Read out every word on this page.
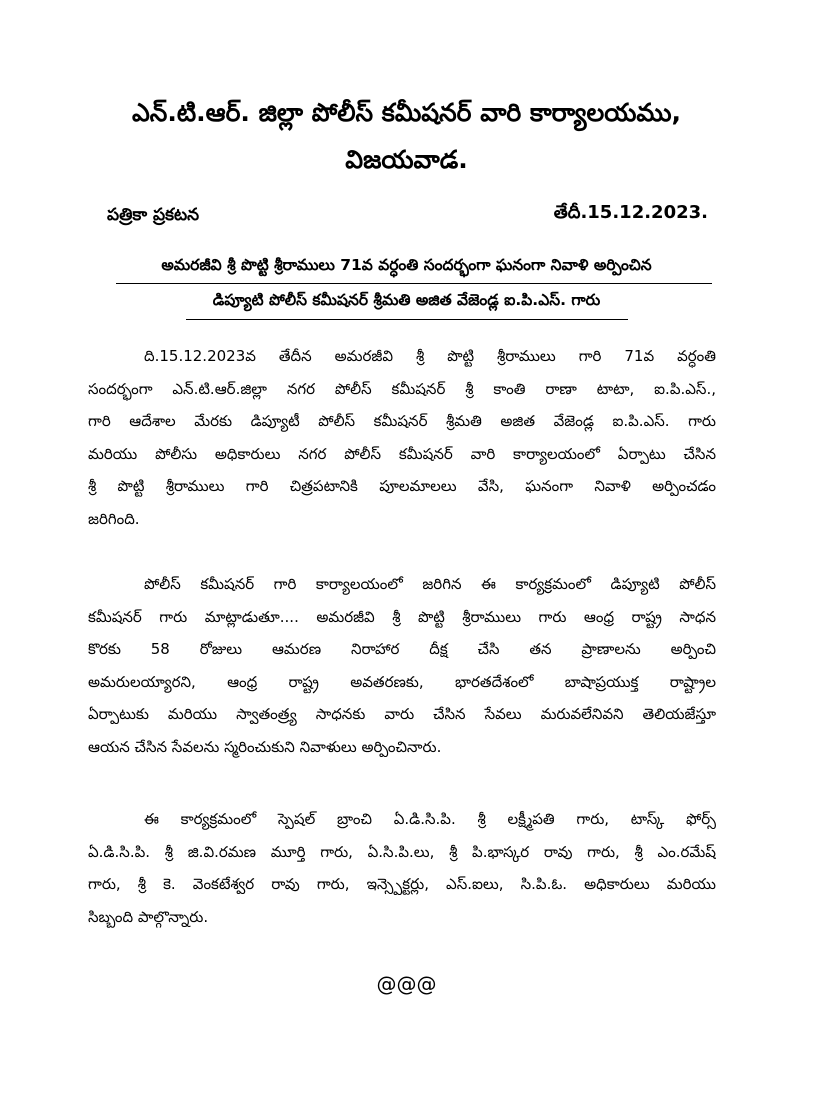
ఎన్.టి.ఆర్. జిల్లా పోలీస్ కమీషనర్ వారి కార్యాలయము,
విజయవాడ.
పత్రికా ప్రకటన	తేదీ.15.12.2023.
అమరజీవి శ్రీ పొట్టి శ్రీరాములు 71వ వర్ధంతి సందర్భంగా ఘనంగా నివాళి అర్పించిన
డిప్యూటి పోలీస్ కమీషనర్ శ్రీమతి అజిత వేజెండ్ల ఐ.పి.ఎస్. గారు
ది.15.12.2023వ తేదీన అమరజీవి శ్రీ పొట్టి శ్రీరాములు గారి 71వ వర్ధంతి
సందర్భంగా ఎన్.టి.ఆర్.జిల్లా నగర పోలీస్ కమీషనర్ శ్రీ కాంతి రాణా టాటా, ఐ.పి.ఎస్.,
గారి ఆదేశాల మేరకు డిప్యూటీ పోలీస్ కమీషనర్ శ్రీమతి అజిత వేజెండ్ల ఐ.పి.ఎస్. గారు
మరియు పోలీసు అధికారులు నగర పోలీస్ కమీషనర్ వారి కార్యాలయంలో ఏర్పాటు చేసిన
శ్రీ పొట్టి శ్రీరాములు గారి చిత్రపటానికి పూలమాలలు వేసి, ఘనంగా నివాళి అర్పించడం
జరిగింది.
పోలీస్ కమీషనర్ గారి కార్యాలయంలో జరిగిన ఈ కార్యక్రమంలో డిప్యూటి పోలీస్
కమీషనర్ గారు మాట్లాడుతూ.... అమరజీవి శ్రీ పొట్టి శ్రీరాములు గారు ఆంధ్ర రాష్ట్ర సాధన
కొరకు 58 రోజులు ఆమరణ నిరాహార దీక్ష చేసి తన ప్రాణాలను అర్పించి
అమరులయ్యారని, ఆంధ్ర రాష్ట్ర అవతరణకు, భారతదేశంలో బాషాప్రయుక్త రాష్ట్రాల
ఏర్పాటుకు మరియు స్వాతంత్ర్య సాధనకు వారు చేసిన సేవలు మరువలేనివని తెలియజేస్తూ
ఆయన చేసిన సేవలను స్మరించుకుని నివాళులు అర్పించినారు.
ఈ కార్యక్రమంలో స్పెషల్ బ్రాంచి ఏ.డి.సి.పి. శ్రీ లక్ష్మీపతి గారు, టాస్క్ ఫోర్స్
ఏ.డి.సి.పి. శ్రీ జి.వి.రమణ మూర్తి గారు, ఏ.సి.పి.లు, శ్రీ పి.భాస్కర రావు గారు, శ్రీ ఎం.రమేష్
గారు, శ్రీ కె. వెంకటేశ్వర రావు గారు, ఇన్స్పెక్టర్లు, ఎస్.ఐలు, సి.పి.ఓ. అధికారులు మరియు
సిబ్బంది పాల్గొన్నారు.
@@@
